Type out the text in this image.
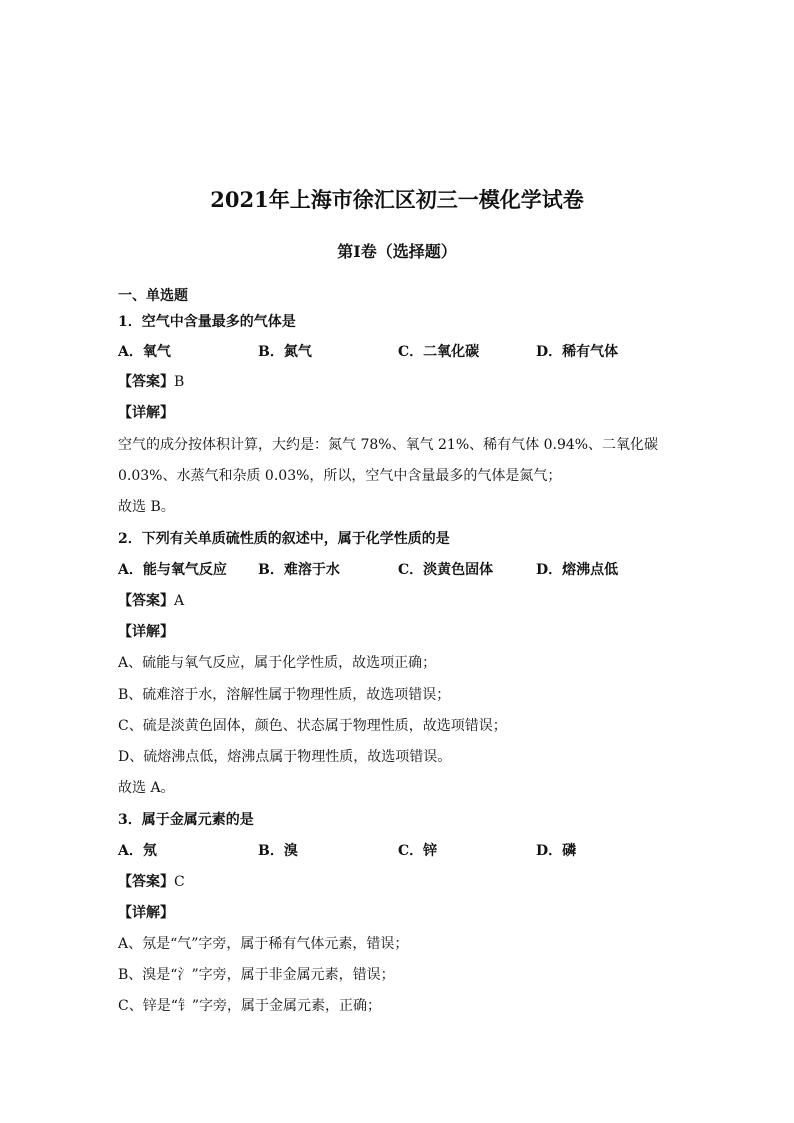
2021年上海市徐汇区初三一模化学试卷
第I卷（选择题）
一、单选题
1．空气中含量最多的气体是
A．氧气	B．氮气	C．二氧化碳	D．稀有气体
【答案】B
【详解】
空气的成分按体积计算，大约是：氮气 78%、氧气 21%、稀有气体 0.94%、二氧化碳
0.03%、水蒸气和杂质 0.03%，所以，空气中含量最多的气体是氮气；
故选 B。
2．下列有关单质硫性质的叙述中，属于化学性质的是
A．能与氧气反应 B．难溶于水	C．淡黄色固体	D．熔沸点低
【答案】A
【详解】
A、硫能与氧气反应，属于化学性质，故选项正确；
B、硫难溶于水，溶解性属于物理性质，故选项错误；
C、硫是淡黄色固体，颜色、状态属于物理性质，故选项错误；
D、硫熔沸点低，熔沸点属于物理性质，故选项错误。
故选 A。
3．属于金属元素的是
A．氖	B．溴	C．锌	D．磷
【答案】C
【详解】
A、氖是“气”字旁，属于稀有气体元素，错误；
B、溴是“氵”字旁，属于非金属元素，错误；
C、锌是“钅”字旁，属于金属元素，正确；
